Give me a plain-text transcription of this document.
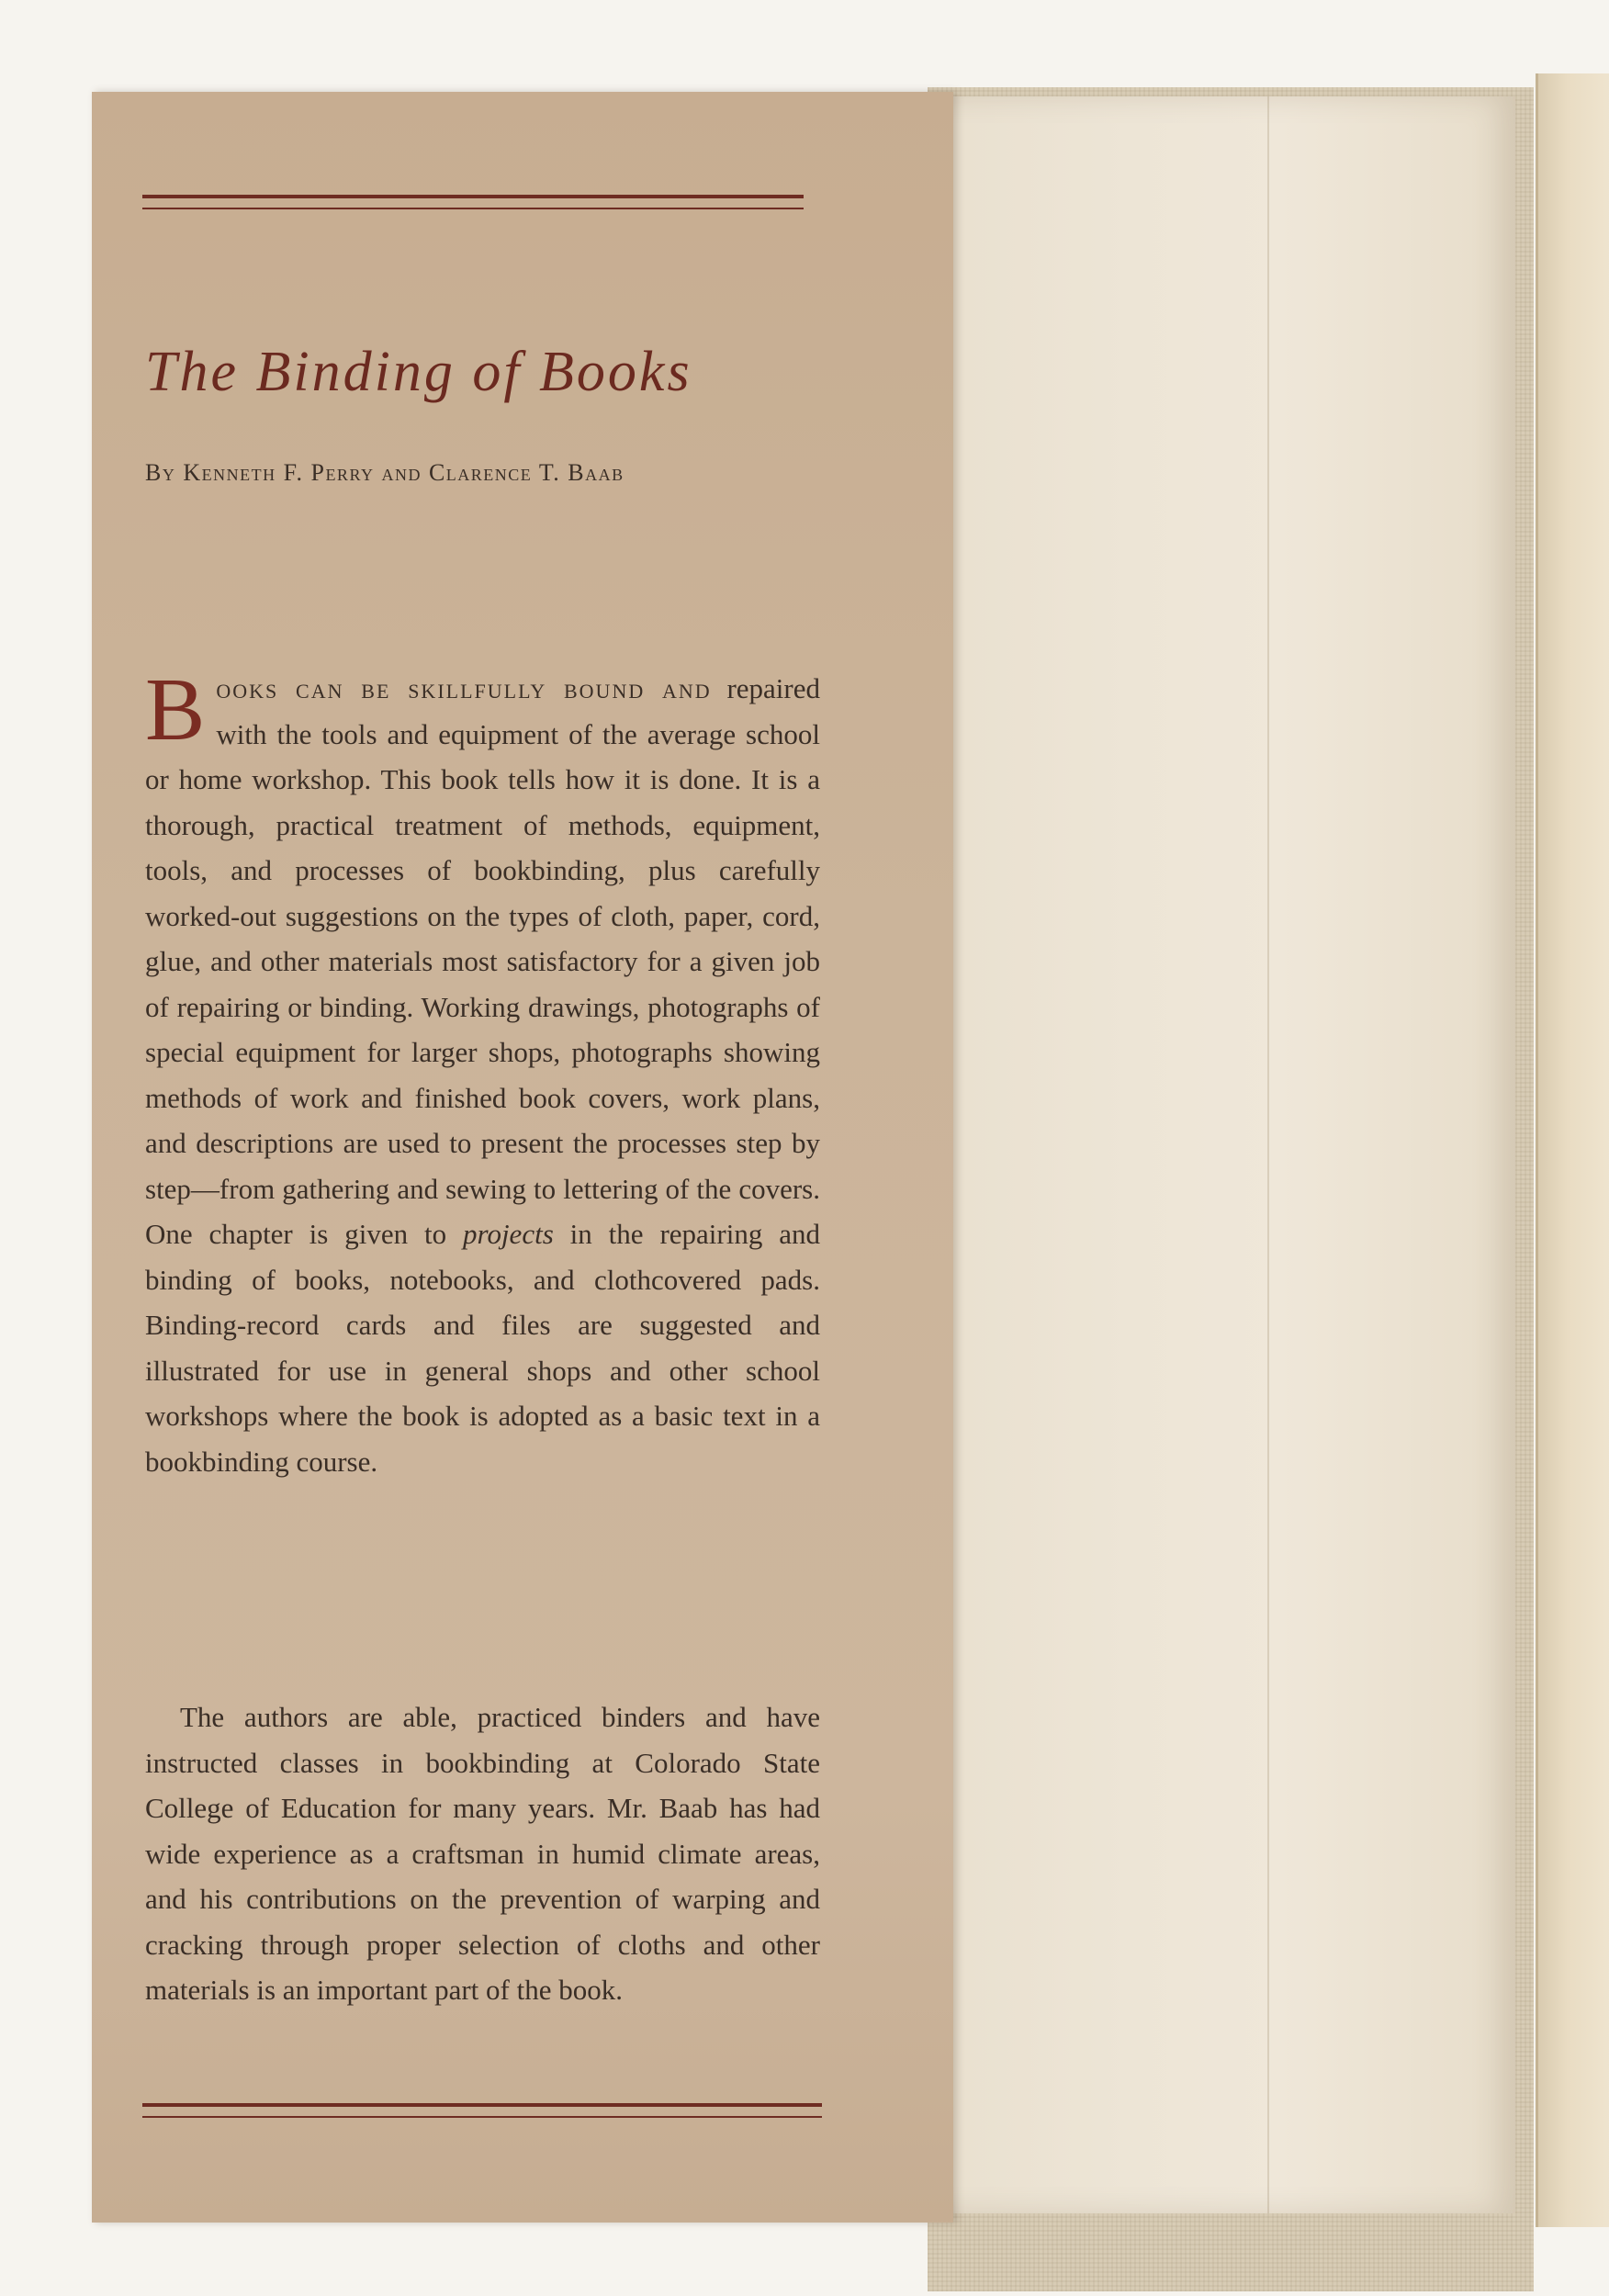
The Binding of Books
By Kenneth F. Perry and Clarence T. Baab
Books can be skillfully bound and repaired with the tools and equipment of the average school or home workshop. This book tells how it is done. It is a thorough, practical treatment of methods, equipment, tools, and processes of bookbinding, plus carefully worked-out suggestions on the types of cloth, paper, cord, glue, and other materials most satisfactory for a given job of repairing or binding. Working drawings, photographs of special equipment for larger shops, photographs showing methods of work and finished book covers, work plans, and descriptions are used to present the processes step by step—from gathering and sewing to lettering of the covers. One chapter is given to projects in the repairing and binding of books, notebooks, and clothcovered pads. Binding-record cards and files are suggested and illustrated for use in general shops and other school workshops where the book is adopted as a basic text in a bookbinding course.
The authors are able, practiced binders and have instructed classes in bookbinding at Colorado State College of Education for many years. Mr. Baab has had wide experience as a craftsman in humid climate areas, and his contributions on the prevention of warping and cracking through proper selection of cloths and other materials is an important part of the book.
